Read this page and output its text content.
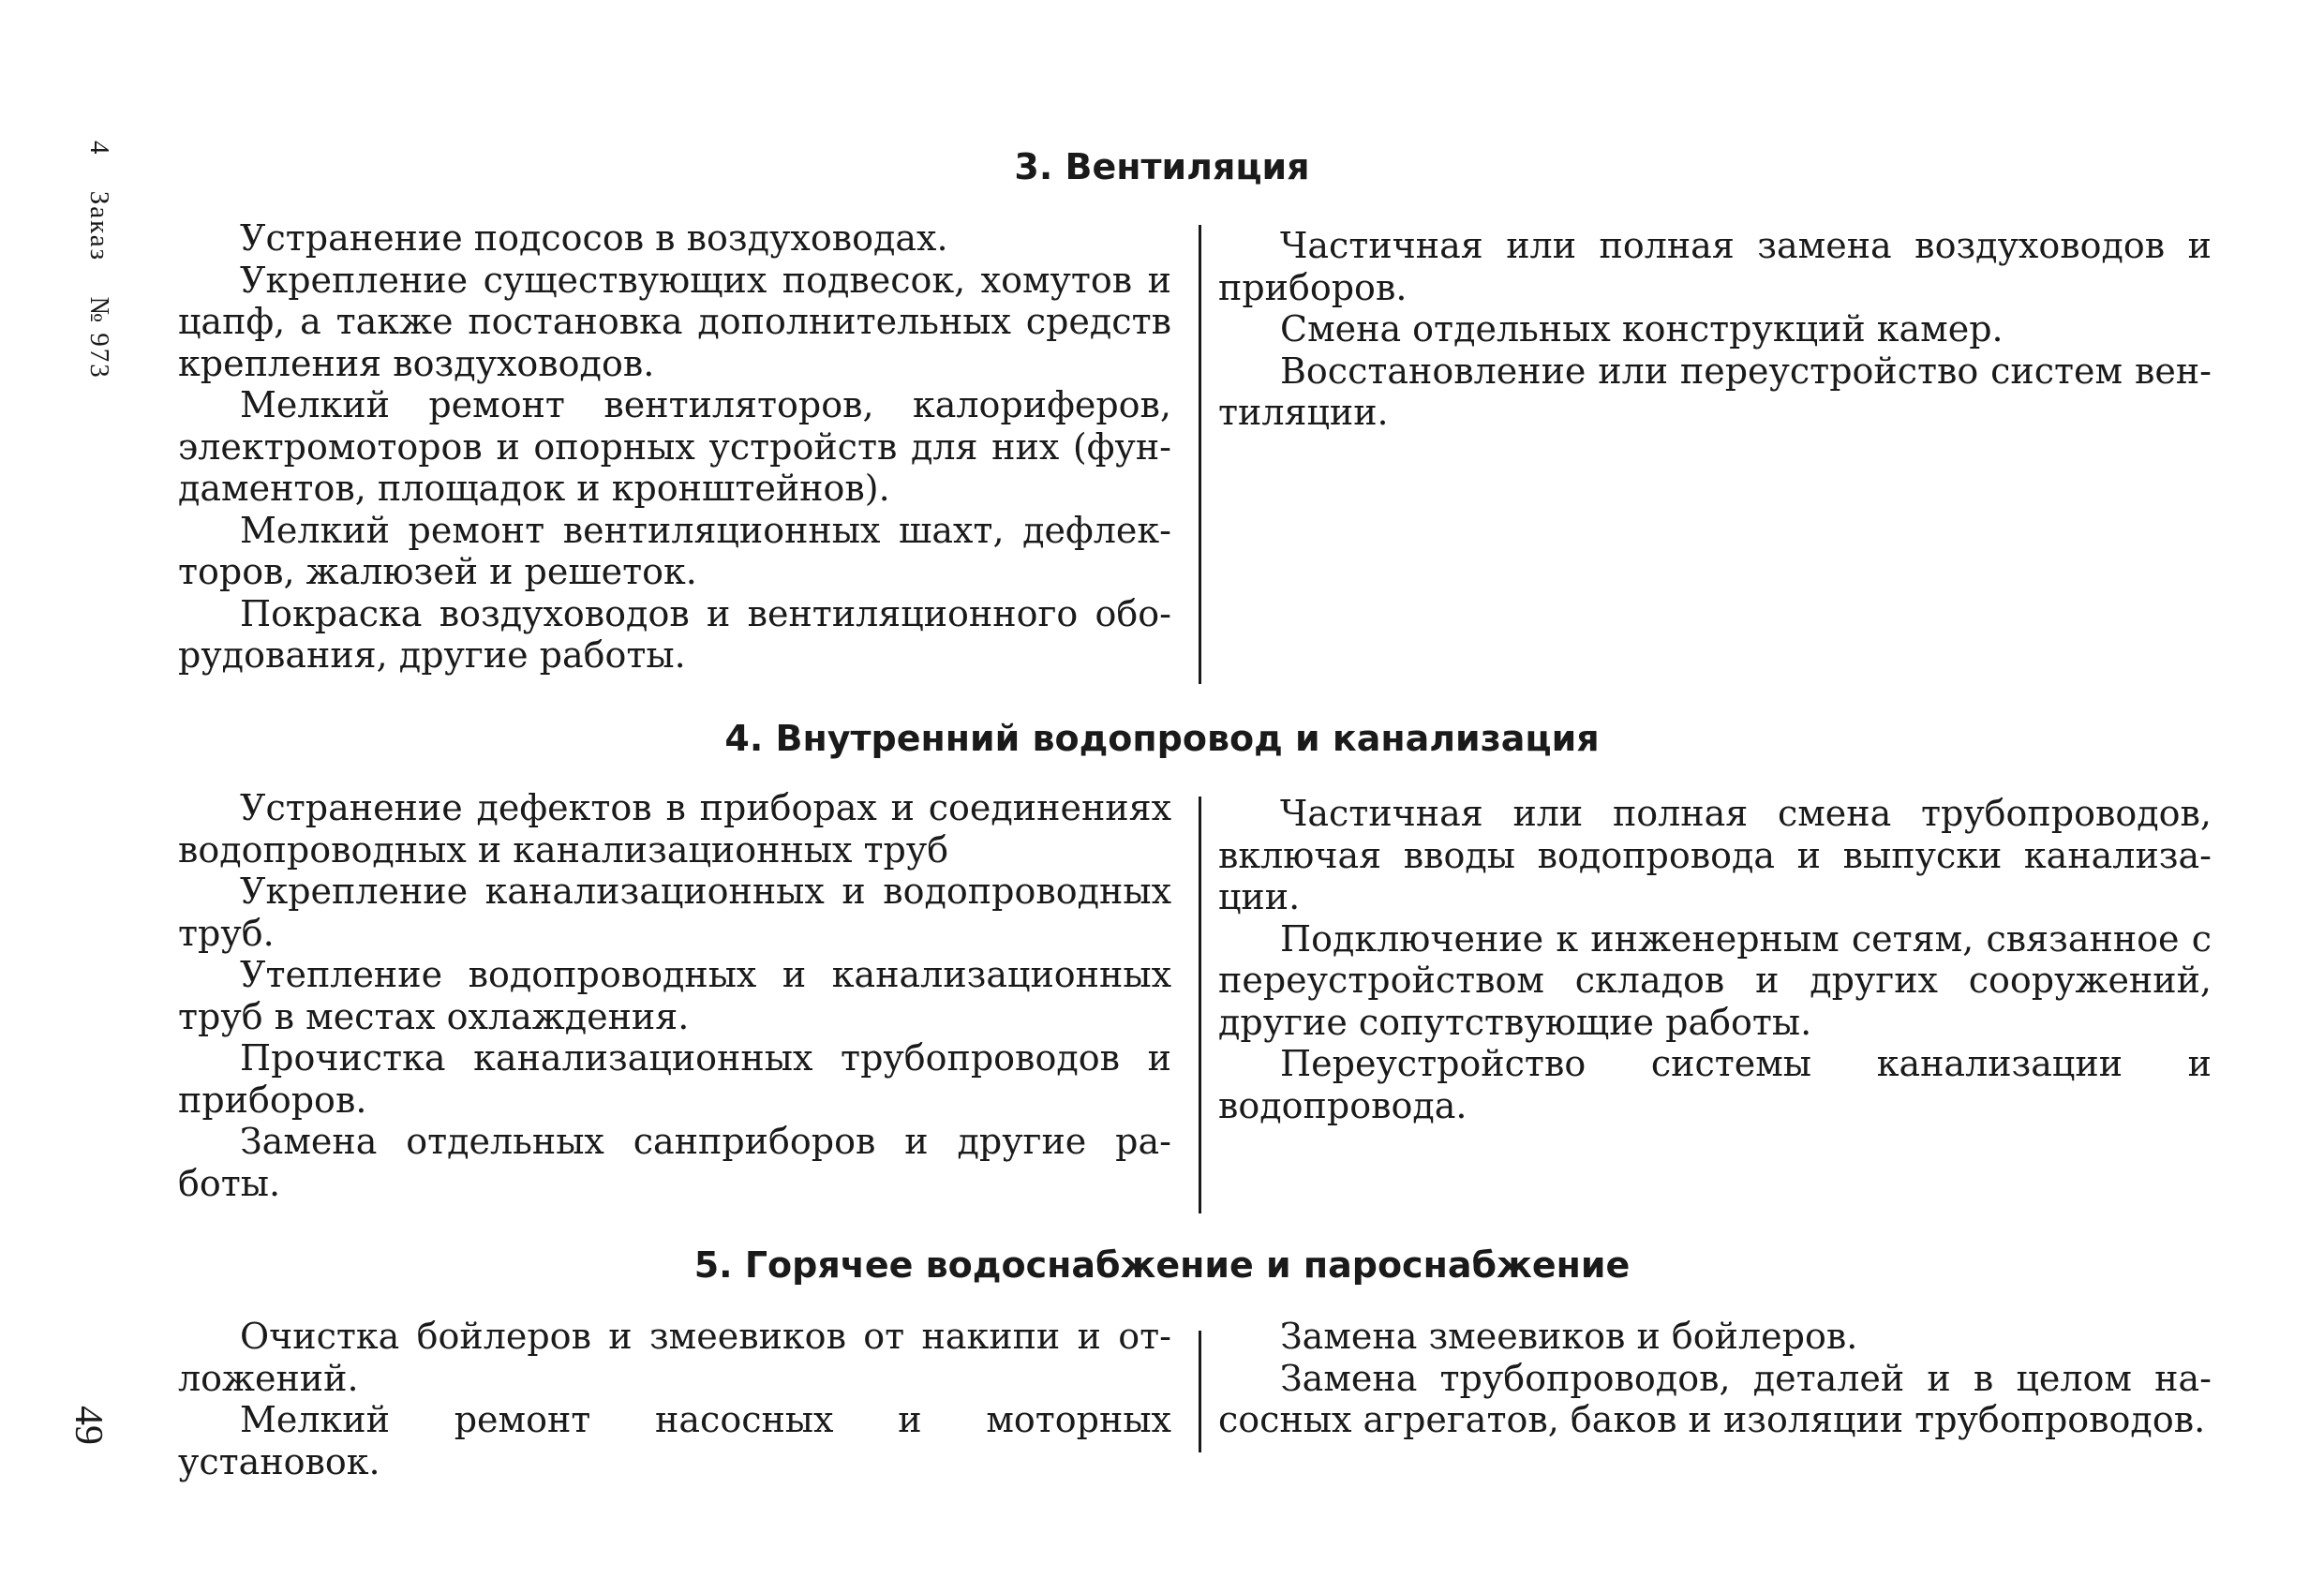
4 Заказ № 973
49
3. Вентиляция

Устранение подсосов в воздуховодах.

Укрепление существующих подвесок, хомутов и цапф, а также постановка дополнительных средств крепления воздуховодов.

Мелкий ремонт вентиляторов, калориферов, электромоторов и опорных устройств для них (фундаментов, площадок и кронштейнов).

Мелкий ремонт вентиляционных шахт, дефлекторов, жалюзей и решеток.

Покраска воздуховодов и вентиляционного оборудования, другие работы.

Частичная или полная замена воздуховодов и приборов.

Смена отдельных конструкций камер.

Восстановление или переустройство систем вентиляции.

4. Внутренний водопровод и канализация

Устранение дефектов в приборах и соединениях водопроводных и канализационных труб

Укрепление канализационных и водопроводных труб.

Утепление водопроводных и канализационных труб в местах охлаждения.

Прочистка канализационных трубопроводов и приборов.

Замена отдельных санприборов и другие работы.

Частичная или полная смена трубопроводов, включая вводы водопровода и выпуски канализации.

Подключение к инженерным сетям, связанное с переустройством складов и других сооружений, другие сопутствующие работы.

Переустройство системы канализации и водопровода.

5. Горячее водоснабжение и пароснабжение

Очистка бойлеров и змеевиков от накипи и отложений.

Мелкий ремонт насосных и моторных установок.

Замена змеевиков и бойлеров.

Замена трубопроводов, деталей и в целом насосных агрегатов, баков и изоляции трубопроводов.
